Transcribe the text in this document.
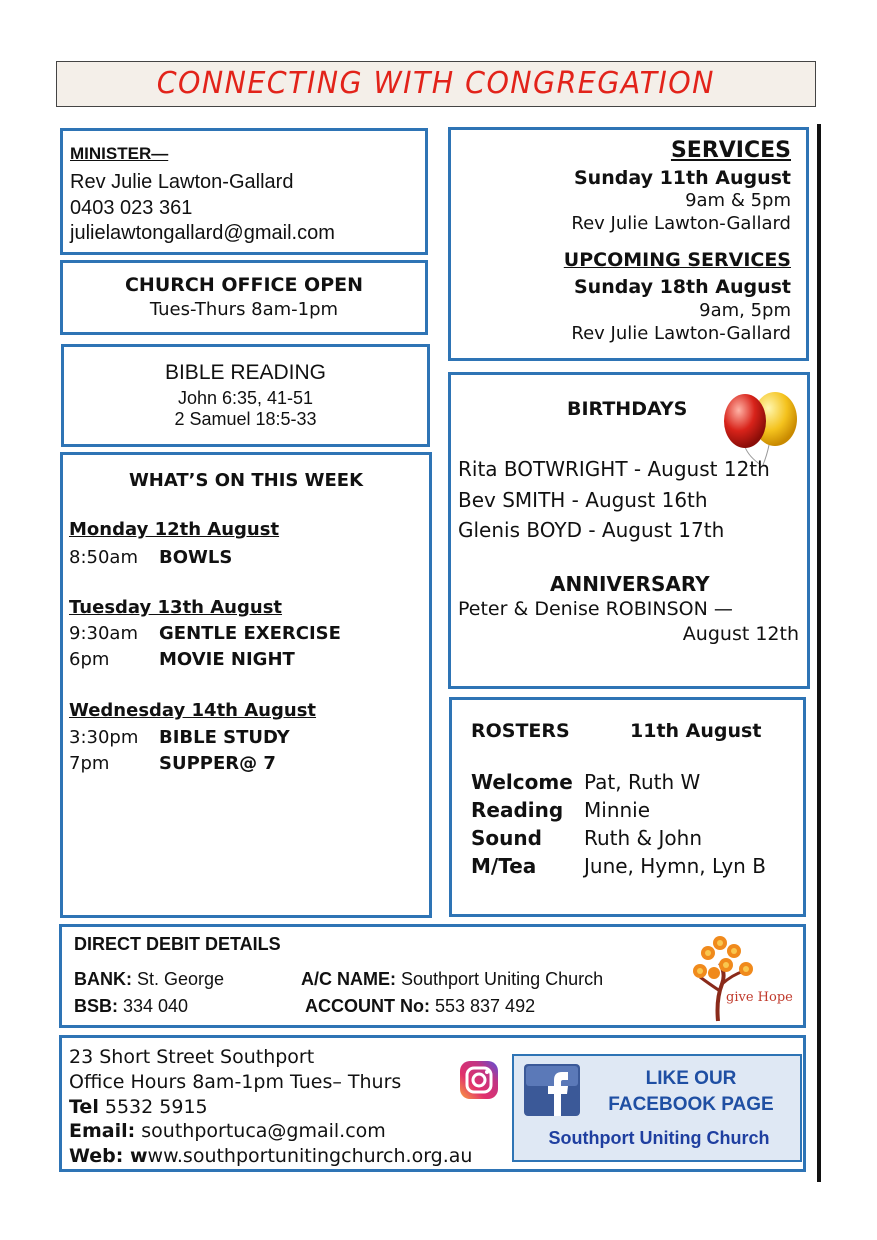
CONNECTING WITH CONGREGATION
MINISTER—
Rev Julie Lawton-Gallard
0403 023 361
julielawtongallard@gmail.com
CHURCH OFFICE OPEN
Tues-Thurs 8am-1pm
BIBLE READING
John 6:35, 41-51
2 Samuel 18:5-33
WHAT’S ON THIS WEEK
Monday 12th August
8:50am BOWLS
Tuesday 13th August
9:30am GENTLE EXERCISE
6pm	MOVIE NIGHT
Wednesday 14th August
3:30pm BIBLE STUDY
7pm	SUPPER@ 7
SERVICES
Sunday 11th August
9am & 5pm
Rev Julie Lawton-Gallard
UPCOMING SERVICES
Sunday 18th August
9am, 5pm
Rev Julie Lawton-Gallard
BIRTHDAYS
Rita BOTWRIGHT - August 12th
Bev SMITH - August 16th
Glenis BOYD - August 17th
ANNIVERSARY
Peter & Denise ROBINSON —
August 12th
ROSTERS	11th August
Welcome Pat, Ruth W
Reading Minnie
Sound Ruth & John
M/Tea June, Hymn, Lyn B
DIRECT DEBIT DETAILS
BANK: St. George	A/C NAME: Southport Uniting Church
BSB: 334 040	ACCOUNT No: 553 837 492	give Hope
23 Short Street Southport
Office Hours 8am-1pm Tues– Thurs
Tel 5532 5915
Email: southportuca@gmail.com
Web: www.southportunitingchurch.org.au
LIKE OUR
FACEBOOK PAGE
Southport Uniting Church
